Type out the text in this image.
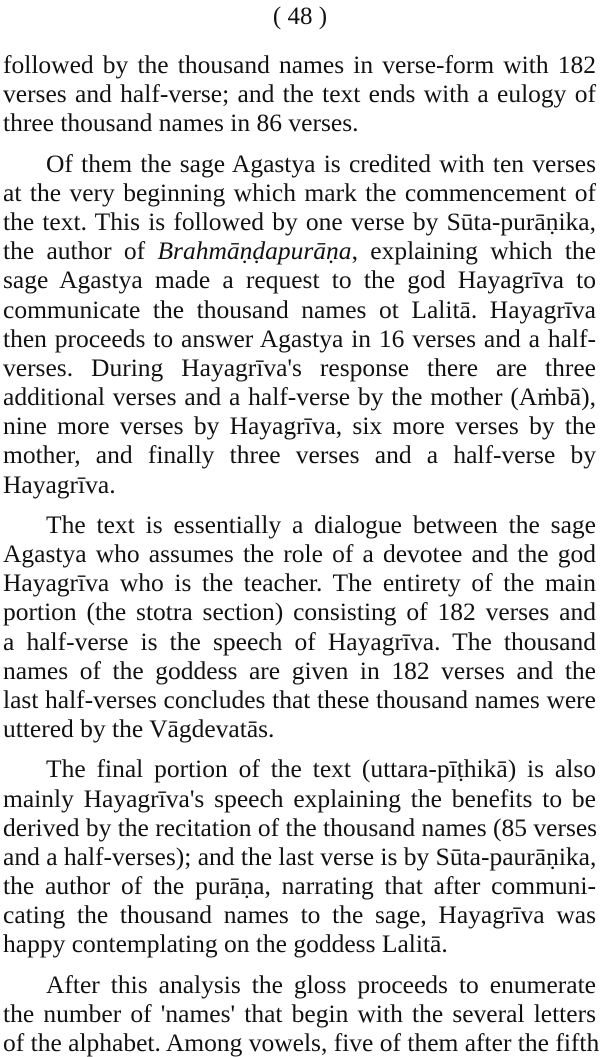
( 48 )
followed by the thousand names in verse-form with 182
verses and half-verse; and the text ends with a eulogy of
three thousand names in 86 verses.
Of them the sage Agastya is credited with ten verses
at the very beginning which mark the commencement of
the text. This is followed by one verse by Sūta-purāṇika,
the author of Brahmāṇḍapurāṇa, explaining which the
sage Agastya made a request to the god Hayagrīva to
communicate the thousand names ot Lalitā. Hayagrīva
then proceeds to answer Agastya in 16 verses and a half-
verses. During Hayagrīva's response there are three
additional verses and a half-verse by the mother (Aṁbā),
nine more verses by Hayagrīva, six more verses by the
mother, and finally three verses and a half-verse by
Hayagrīva.
The text is essentially a dialogue between the sage
Agastya who assumes the role of a devotee and the god
Hayagrīva who is the teacher. The entirety of the main
portion (the stotra section) consisting of 182 verses and
a half-verse is the speech of Hayagrīva. The thousand
names of the goddess are given in 182 verses and the
last half-verses concludes that these thousand names were
uttered by the Vāgdevatās.
The final portion of the text (uttara-pīṭhikā) is also
mainly Hayagrīva's speech explaining the benefits to be
derived by the recitation of the thousand names (85 verses
and a half-verses); and the last verse is by Sūta-paurāṇika,
the author of the purāṇa, narrating that after communi-
cating the thousand names to the sage, Hayagrīva was
happy contemplating on the goddess Lalitā.
After this analysis the gloss proceeds to enumerate
the number of 'names' that begin with the several letters
of the alphabet. Among vowels, five of them after the fifth
